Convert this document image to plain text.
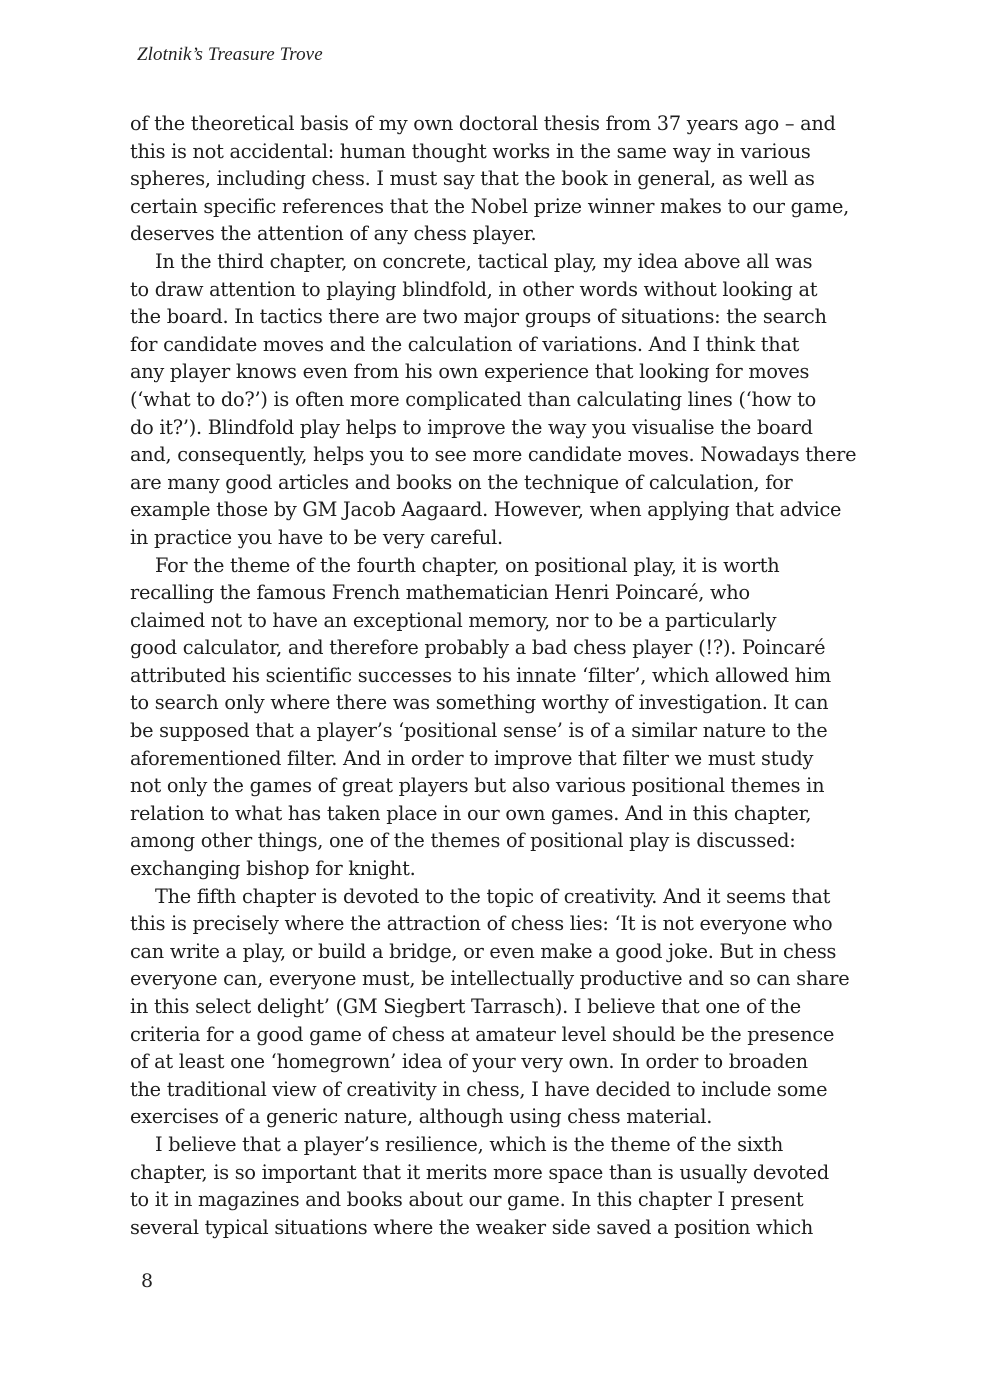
Zlotnik’s Treasure Trove
of the theoretical basis of my own doctoral thesis from 37 years ago – and
this is not accidental: human thought works in the same way in various
spheres, including chess. I must say that the book in general, as well as
certain specific references that the Nobel prize winner makes to our game,
deserves the attention of any chess player.
In the third chapter, on concrete, tactical play, my idea above all was
to draw attention to playing blindfold, in other words without looking at
the board. In tactics there are two major groups of situations: the search
for candidate moves and the calculation of variations. And I think that
any player knows even from his own experience that looking for moves
(‘what to do?’) is often more complicated than calculating lines (‘how to
do it?’). Blindfold play helps to improve the way you visualise the board
and, consequently, helps you to see more candidate moves. Nowadays there
are many good articles and books on the technique of calculation, for
example those by GM Jacob Aagaard. However, when applying that advice
in practice you have to be very careful.
For the theme of the fourth chapter, on positional play, it is worth
recalling the famous French mathematician Henri Poincaré, who
claimed not to have an exceptional memory, nor to be a particularly
good calculator, and therefore probably a bad chess player (!?). Poincaré
attributed his scientific successes to his innate ‘filter’, which allowed him
to search only where there was something worthy of investigation. It can
be supposed that a player’s ‘positional sense’ is of a similar nature to the
aforementioned filter. And in order to improve that filter we must study
not only the games of great players but also various positional themes in
relation to what has taken place in our own games. And in this chapter,
among other things, one of the themes of positional play is discussed:
exchanging bishop for knight.
The fifth chapter is devoted to the topic of creativity. And it seems that
this is precisely where the attraction of chess lies: ‘It is not everyone who
can write a play, or build a bridge, or even make a good joke. But in chess
everyone can, everyone must, be intellectually productive and so can share
in this select delight’ (GM Siegbert Tarrasch). I believe that one of the
criteria for a good game of chess at amateur level should be the presence
of at least one ‘homegrown’ idea of your very own. In order to broaden
the traditional view of creativity in chess, I have decided to include some
exercises of a generic nature, although using chess material.
I believe that a player’s resilience, which is the theme of the sixth
chapter, is so important that it merits more space than is usually devoted
to it in magazines and books about our game. In this chapter I present
several typical situations where the weaker side saved a position which
8
